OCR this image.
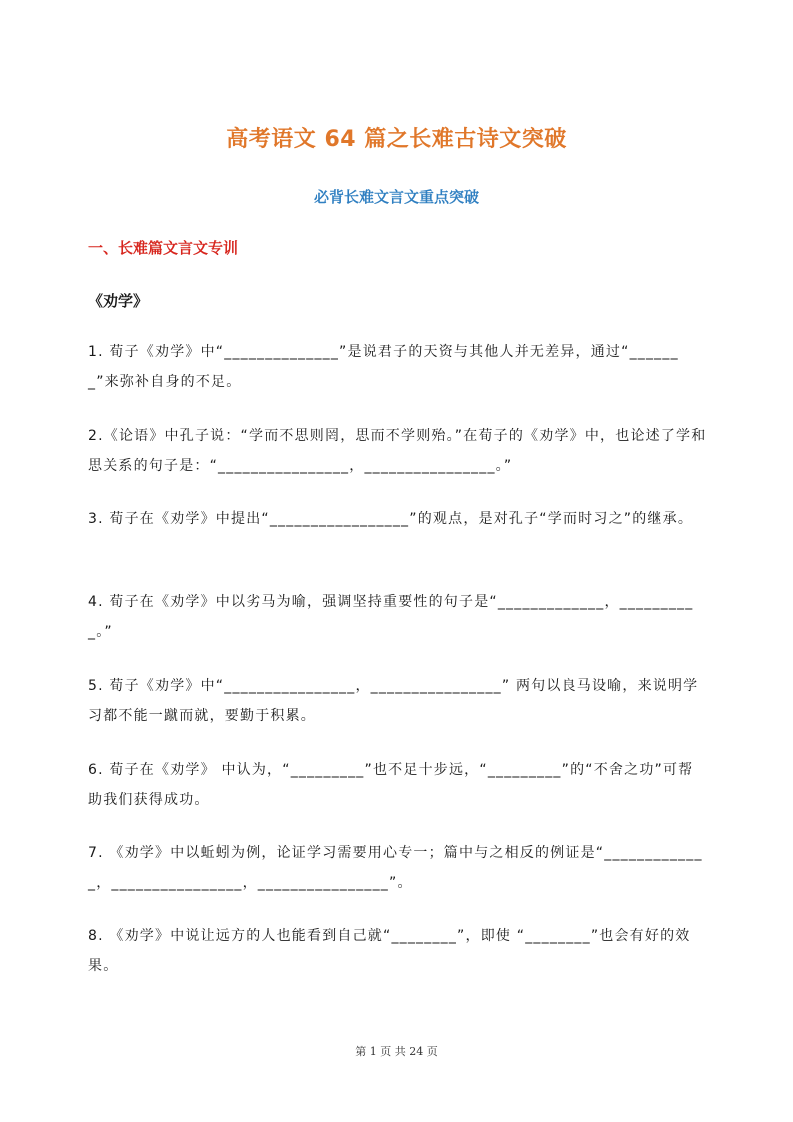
高考语文 64 篇之长难古诗文突破
必背长难文言文重点突破
一、长难篇文言文专训
《劝学》
1. 荀子《劝学》中“______________”是说君子的天资与其他人并无差异，通过“_______”来弥补自身的不足。
2.《论语》中孔子说：“学而不思则罔，思而不学则殆。”在荀子的《劝学》中，也论述了学和思关系的句子是：“________________，________________。”
3. 荀子在《劝学》中提出“_________________”的观点，是对孔子“学而时习之”的继承。
4. 荀子在《劝学》中以劣马为喻，强调坚持重要性的句子是“_____________，__________。”
5. 荀子《劝学》中“________________，________________” 两句以良马设喻，来说明学习都不能一蹴而就，要勤于积累。
6. 荀子在《劝学》 中认为，“_________”也不足十步远，“_________”的“不舍之功”可帮助我们获得成功。
7. 《劝学》中以蚯蚓为例，论证学习需要用心专一；篇中与之相反的例证是“_____________，________________，________________”。
8. 《劝学》中说让远方的人也能看到自己就“________”，即使 “________”也会有好的效果。
第 1 页 共 24 页
